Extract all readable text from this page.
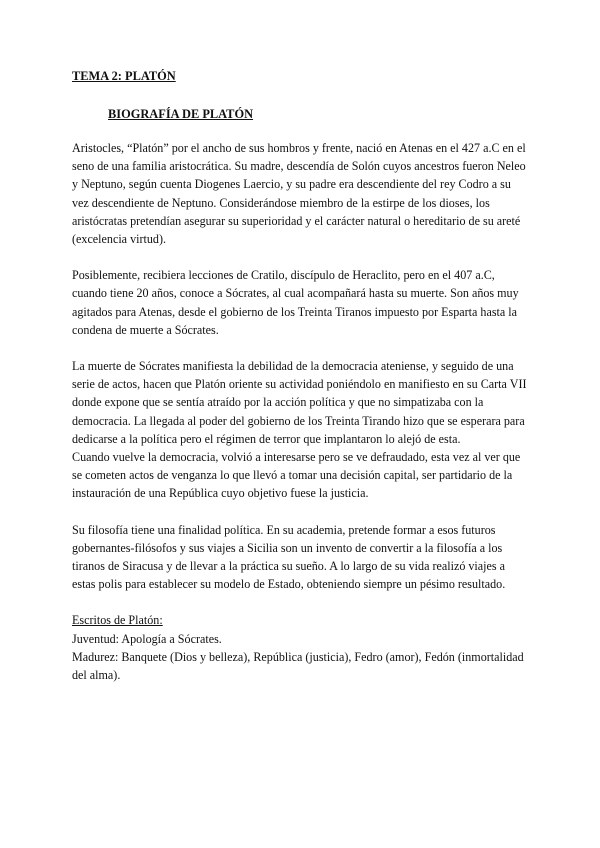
TEMA 2: PLATÓN

BIOGRAFÍA DE PLATÓN

Aristocles, “Platón” por el ancho de sus hombros y frente, nació en Atenas en el 427 a.C en el seno de una familia aristocrática. Su madre, descendía de Solón cuyos ancestros fueron Neleo y Neptuno, según cuenta Diogenes Laercio, y su padre era descendiente del rey Codro a su vez descendiente de Neptuno. Considerándose miembro de la estirpe de los dioses, los aristócratas pretendían asegurar su superioridad y el carácter natural o hereditario de su areté (excelencia virtud).

Posiblemente, recibiera lecciones de Cratilo, discípulo de Heraclito, pero en el 407 a.C, cuando tiene 20 años, conoce a Sócrates, al cual acompañará hasta su muerte. Son años muy agitados para Atenas, desde el gobierno de los Treinta Tiranos impuesto por Esparta hasta la condena de muerte a Sócrates.

La muerte de Sócrates manifiesta la debilidad de la democracia ateniense, y seguido de una serie de actos, hacen que Platón oriente su actividad poniéndolo en manifiesto en su Carta VII donde expone que se sentía atraído por la acción política y que no simpatizaba con la democracia. La llegada al poder del gobierno de los Treinta Tirando hizo que se esperara para dedicarse a la política pero el régimen de terror que implantaron lo alejó de esta.

Cuando vuelve la democracia, volvió a interesarse pero se ve defraudado, esta vez al ver que se cometen actos de venganza lo que llevó a tomar una decisión capital, ser partidario de la instauración de una República cuyo objetivo fuese la justicia.

Su filosofía tiene una finalidad política. En su academia, pretende formar a esos futuros gobernantes-filósofos y sus viajes a Sicilia son un invento de convertir a la filosofía a los tiranos de Siracusa y de llevar a la práctica su sueño. A lo largo de su vida realizó viajes a estas polis para establecer su modelo de Estado, obteniendo siempre un pésimo resultado.

Escritos de Platón:

Juventud: Apología a Sócrates.

Madurez: Banquete (Dios y belleza), República (justicia), Fedro (amor), Fedón (inmortalidad del alma).
